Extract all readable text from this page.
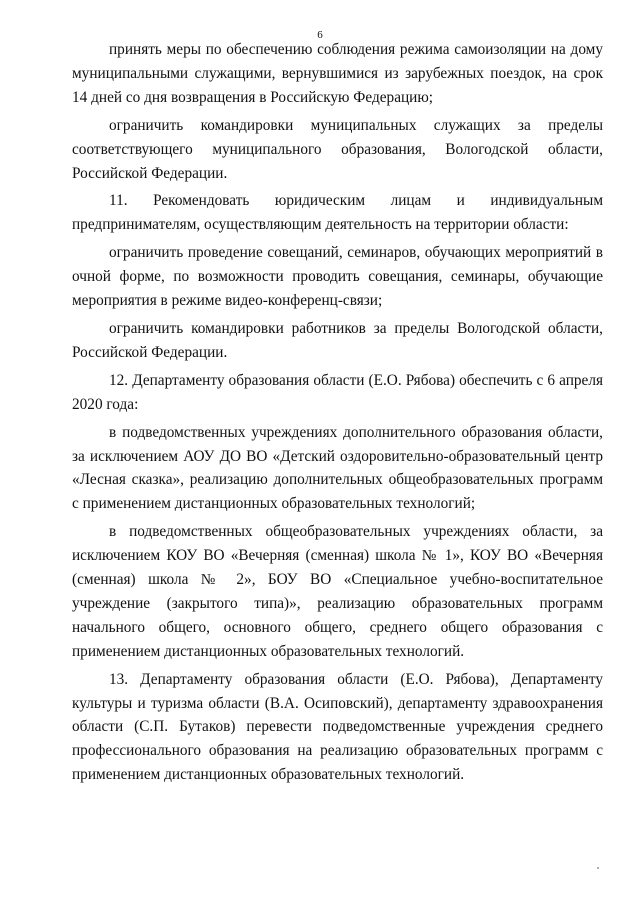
6

принять меры по обеспечению соблюдения режима самоизоляции на дому муниципальными служащими, вернувшимися из зарубежных поездок, на срок 14 дней со дня возвращения в Российскую Федерацию;

ограничить командировки муниципальных служащих за пределы соответствующего муниципального образования, Вологодской области, Российской Федерации.

11. Рекомендовать юридическим лицам и индивидуальным предпринимателям, осуществляющим деятельность на территории области:

ограничить проведение совещаний, семинаров, обучающих мероприятий в очной форме, по возможности проводить совещания, семинары, обучающие мероприятия в режиме видео-конференц-связи;

ограничить командировки работников за пределы Вологодской области, Российской Федерации.

12. Департаменту образования области (Е.О. Рябова) обеспечить с 6 апреля 2020 года:

в подведомственных учреждениях дополнительного образования области, за исключением АОУ ДО ВО «Детский оздоровительно-образовательный центр «Лесная сказка», реализацию дополнительных общеобразовательных программ с применением дистанционных образовательных технологий;

в подведомственных общеобразовательных учреждениях области, за исключением КОУ ВО «Вечерняя (сменная) школа № 1», КОУ ВО «Вечерняя (сменная) школа № 2», БОУ ВО «Специальное учебно-воспитательное учреждение (закрытого типа)», реализацию образовательных программ начального общего, основного общего, среднего общего образования с применением дистанционных образовательных технологий.

13. Департаменту образования области (Е.О. Рябова), Департаменту культуры и туризма области (В.А. Осиповский), департаменту здравоохранения области (С.П. Бутаков) перевести подведомственные учреждения среднего профессионального образования на реализацию образовательных программ с применением дистанционных образовательных технологий.
